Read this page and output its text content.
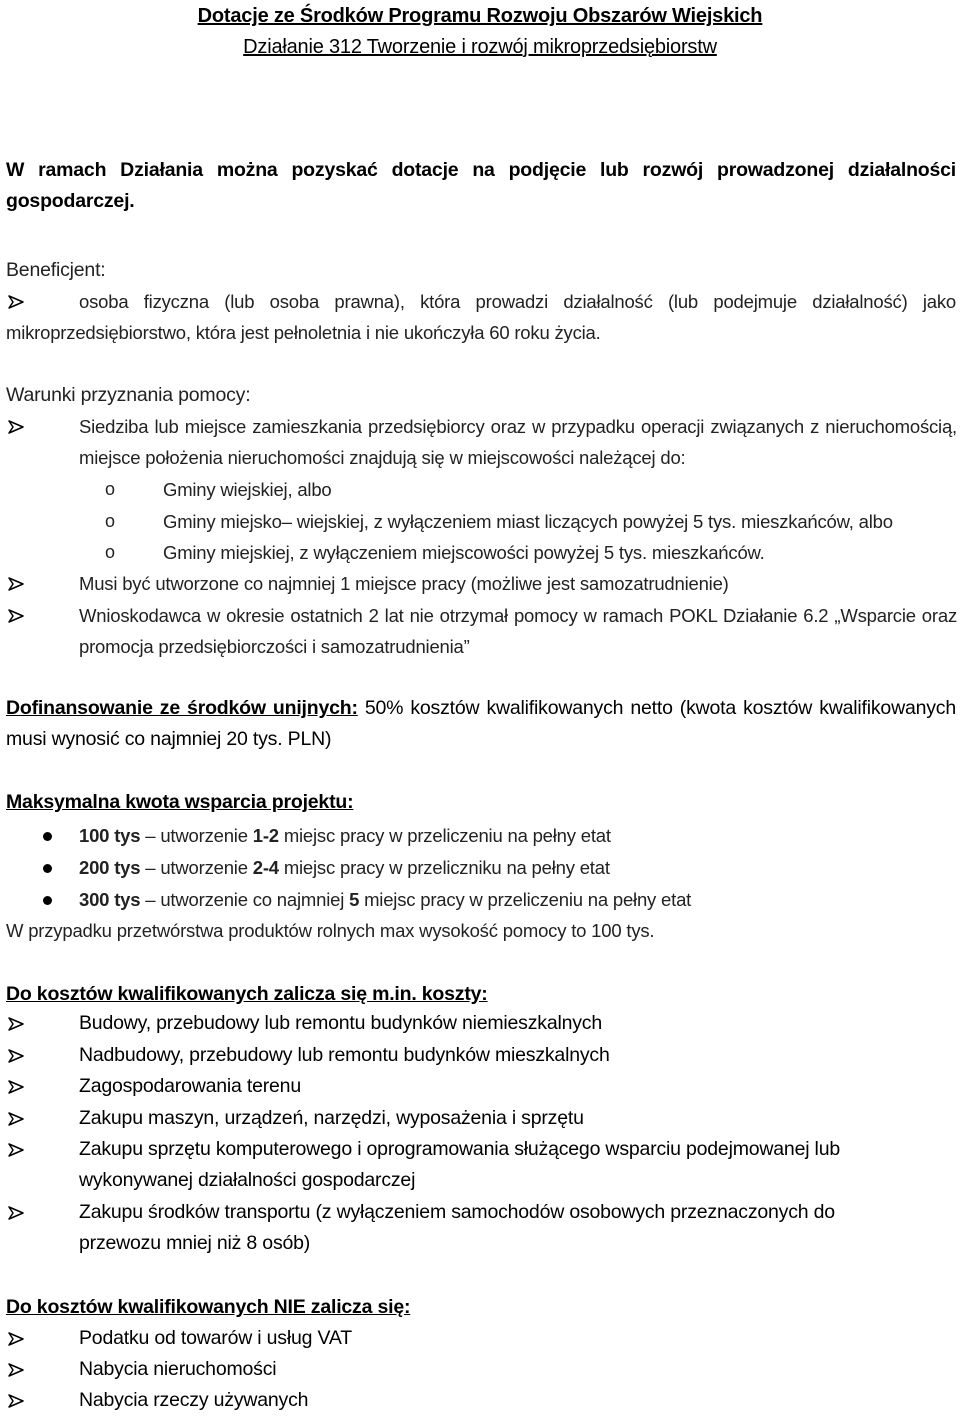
Dotacje ze Środków Programu Rozwoju Obszarów Wiejskich
Działanie 312 Tworzenie i rozwój mikroprzedsiębiorstw
W ramach Działania można pozyskać dotacje na podjęcie lub rozwój prowadzonej działalności gospodarczej.
Beneficjent:
osoba fizyczna (lub osoba prawna), która prowadzi działalność (lub podejmuje działalność) jako mikroprzedsiębiorstwo, która jest pełnoletnia i nie ukończyła 60 roku życia.
Warunki przyznania pomocy:
Siedziba lub miejsce zamieszkania przedsiębiorcy oraz w przypadku operacji związanych z nieruchomością, miejsce położenia nieruchomości znajdują się w miejscowości należącej do:
o	Gminy wiejskiej, albo
o	Gminy miejsko– wiejskiej, z wyłączeniem miast liczących powyżej 5 tys. mieszkańców, albo
o	Gminy miejskiej, z wyłączeniem miejscowości powyżej 5 tys. mieszkańców.
Musi być utworzone co najmniej 1 miejsce pracy (możliwe jest samozatrudnienie)
Wnioskodawca w okresie ostatnich 2 lat nie otrzymał pomocy w ramach POKL Działanie 6.2 „Wsparcie oraz promocja przedsiębiorczości i samozatrudnienia”
Dofinansowanie ze środków unijnych: 50% kosztów kwalifikowanych netto (kwota kosztów kwalifikowanych musi wynosić co najmniej 20 tys. PLN)
Maksymalna kwota wsparcia projektu:
100 tys – utworzenie 1-2 miejsc pracy w przeliczeniu na pełny etat
200 tys – utworzenie 2-4 miejsc pracy w przeliczniku na pełny etat
300 tys – utworzenie co najmniej 5 miejsc pracy w przeliczeniu na pełny etat
W przypadku przetwórstwa produktów rolnych max wysokość pomocy to 100 tys.
Do kosztów kwalifikowanych zalicza się m.in. koszty:
Budowy, przebudowy lub remontu budynków niemieszkalnych
Nadbudowy, przebudowy lub remontu budynków mieszkalnych
Zagospodarowania terenu
Zakupu maszyn, urządzeń, narzędzi, wyposażenia i sprzętu
Zakupu sprzętu komputerowego i oprogramowania służącego wsparciu podejmowanej lub wykonywanej działalności gospodarczej
Zakupu środków transportu (z wyłączeniem samochodów osobowych przeznaczonych do przewozu mniej niż 8 osób)
Do kosztów kwalifikowanych NIE zalicza się:
Podatku od towarów i usług VAT
Nabycia nieruchomości
Nabycia rzeczy używanych
